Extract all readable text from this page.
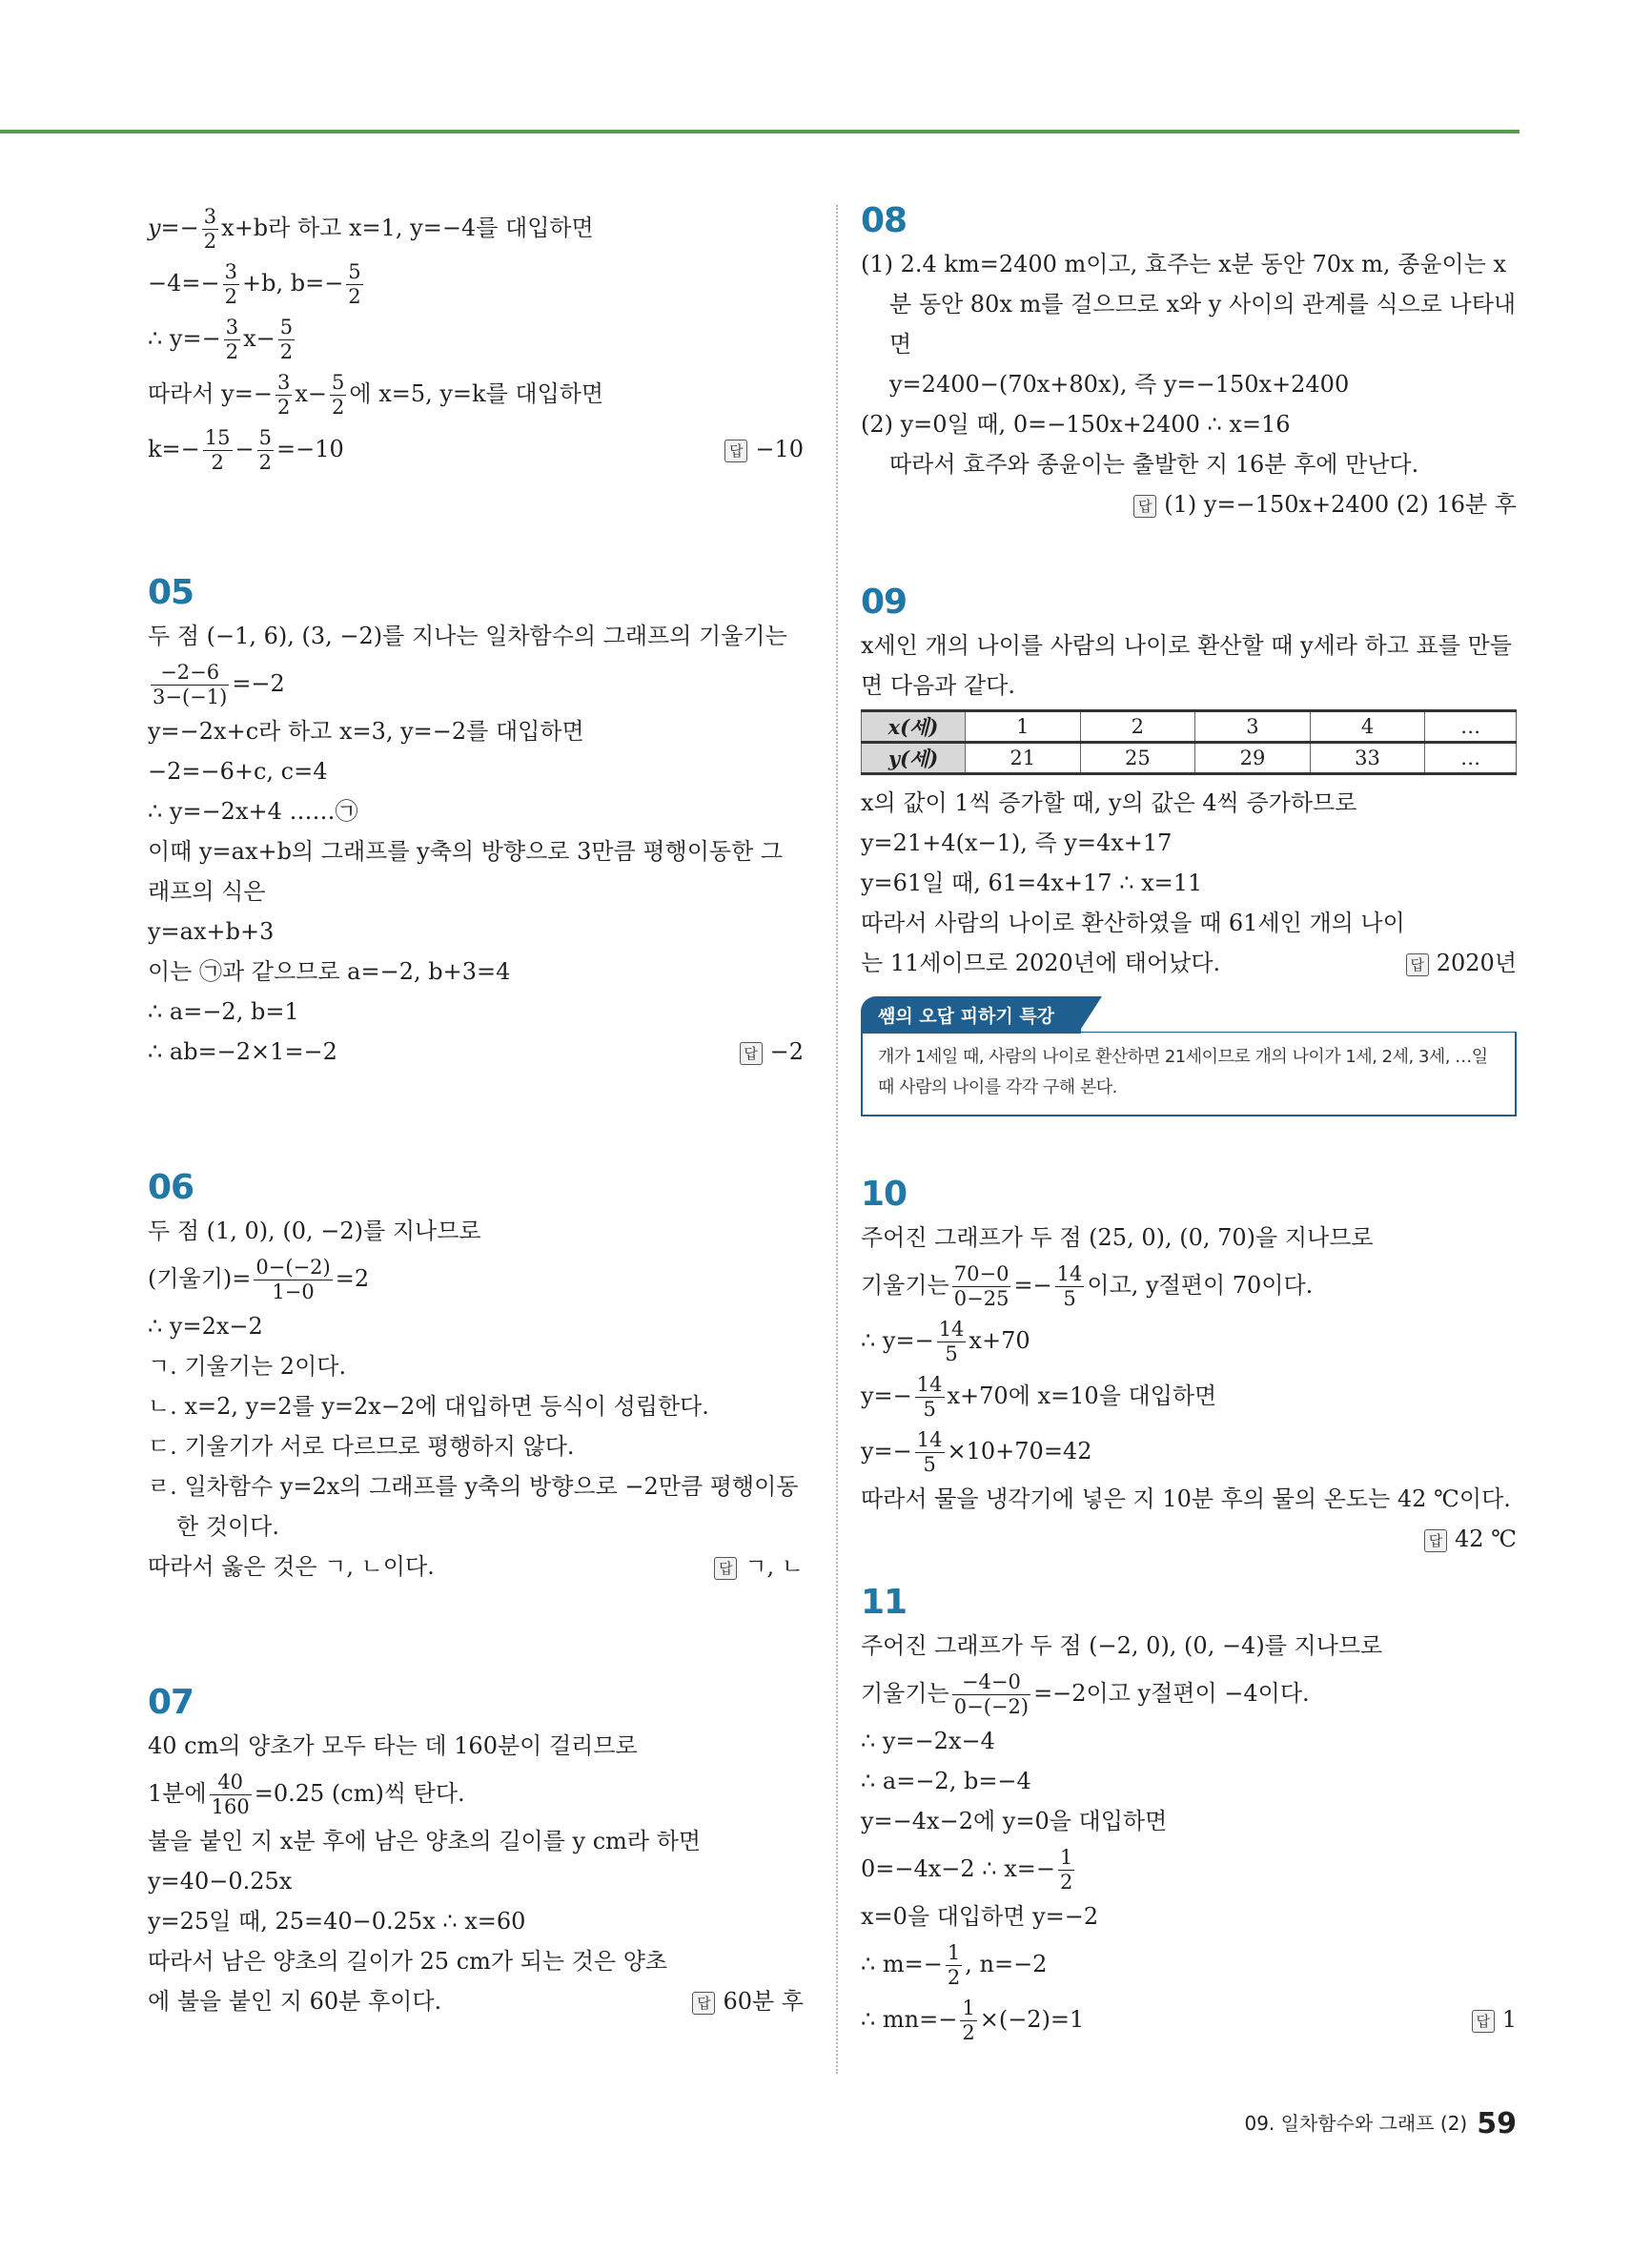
$y=- \frac{3}{2} x+b$라 하고 x=1, y=−4를 대입하면

$-4=- \frac{3}{2} +b$, $b=- \frac{5}{2}$

∴ $y=- \frac{3}{2} x- \frac{5}{2}$

따라서 $y=- \frac{3}{2} x- \frac{5}{2}$ 에 x=5, y=k를 대입하면

$k=- \frac{15}{2} - \frac{5}{2} =-10$	답 −10

05

두 점 (−1, 6), (3, −2)를 지나는 일차함수의 그래프의 기울기는

$\frac{-2-6}{3-(-1)} =-2$

y=−2x+c라 하고 x=3, y=−2를 대입하면

−2=−6+c, c=4

∴ y=−2x+4 ……㉠

이때 y=ax+b의 그래프를 y축의 방향으로 3만큼 평행이동한 그래프의 식은

y=ax+b+3

이는 ㉠과 같으므로 a=−2, b+3=4

∴ a=−2, b=1

∴ ab=−2×1=−2	답 −2

06

두 점 (1, 0), (0, −2)를 지나므로

(기울기)= $\frac{0-(-2)}{1-0} =2$

∴ y=2x−2

ㄱ. 기울기는 2이다.

ㄴ. x=2, y=2를 y=2x−2에 대입하면 등식이 성립한다.

ㄷ. 기울기가 서로 다르므로 평행하지 않다.

ㄹ. 일차함수 y=2x의 그래프를 y축의 방향으로 −2만큼 평행이동한 것이다.

따라서 옳은 것은 ㄱ, ㄴ이다.	답 ㄱ, ㄴ

07

40 cm의 양초가 모두 타는 데 160분이 걸리므로

1분에 $\frac{40}{160} =0.25$ (cm)씩 탄다.

불을 붙인 지 x분 후에 남은 양초의 길이를 y cm라 하면

y=40−0.25x

y=25일 때, 25=40−0.25x ∴ x=60

따라서 남은 양초의 길이가 25 cm가 되는 것은 양초에 불을 붙인 지 60분 후이다.	답 60분 후

08

(1) 2.4 km=2400 m이고, 효주는 x분 동안 70x m, 종윤이는 x분 동안 80x m를 걸으므로 x와 y 사이의 관계를 식으로 나타내면

y=2400−(70x+80x), 즉 y=−150x+2400

(2) y=0일 때, 0=−150x+2400 ∴ x=16

따라서 효주와 종윤이는 출발한 지 16분 후에 만난다.

답 (1) y=−150x+2400 (2) 16분 후
09

x세인 개의 나이를 사람의 나이로 환산할 때 y세라 하고 표를 만들면 다음과 같다.

x(세)	1	2	3	4	…
y(세)	21	25	29	33	…

x의 값이 1씩 증가할 때, y의 값은 4씩 증가하므로

y=21+4(x−1), 즉 y=4x+17

y=61일 때, 61=4x+17 ∴ x=11

따라서 사람의 나이로 환산하였을 때 61세인 개의 나이는 11세이므로 2020년에 태어났다.	답 2020년

쌤의 오답 피하기 특강
개가 1세일 때, 사람의 나이로 환산하면 21세이므로 개의 나이가 1세, 2세, 3세, …일 때 사람의 나이를 각각 구해 본다.
10

주어진 그래프가 두 점 (25, 0), (0, 70)을 지나므로

기울기는 $\frac{70-0}{0-25} =- \frac{14}{5}$ 이고, y절편이 70이다.

∴ $y=- \frac{14}{5} x+70$

$y=- \frac{14}{5} x+70$에 x=10을 대입하면

$y=- \frac{14}{5} \times 10+70=42$

따라서 물을 냉각기에 넣은 지 10분 후의 물의 온도는 42 ℃이다.

답 42 ℃
11

주어진 그래프가 두 점 (−2, 0), (0, −4)를 지나므로

기울기는 $\frac{-4-0}{0-(-2)} =-2$이고 y절편이 −4이다.

∴ y=−2x−4

∴ a=−2, b=−4

y=−4x−2에 y=0을 대입하면

0=−4x−2 ∴ $x=- \frac{1}{2}$

x=0을 대입하면 y=−2

∴ $m=- \frac{1}{2}$ , n=−2

∴ $mn=- \frac{1}{2} \times(-2)=1$	답 1

09. 일차함수와 그래프 (2) 59
